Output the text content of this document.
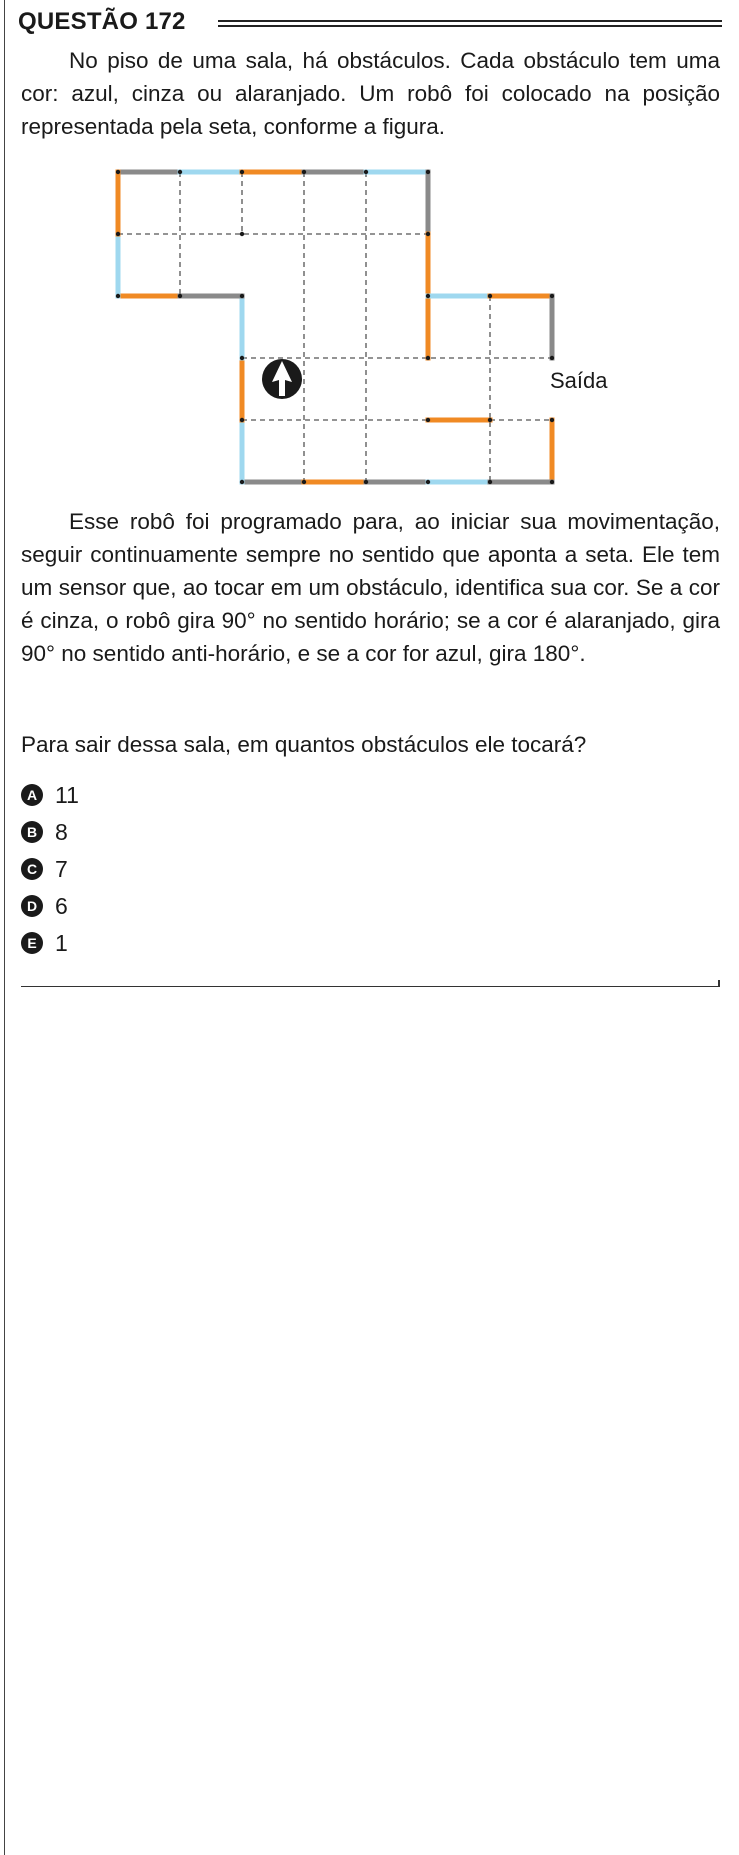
QUESTÃO 172

No piso de uma sala, há obstáculos. Cada obstáculo tem uma cor: azul, cinza ou alaranjado. Um robô foi colocado na posição representada pela seta, conforme a figura.

Saída

Esse robô foi programado para, ao iniciar sua movimentação, seguir continuamente sempre no sentido que aponta a seta. Ele tem um sensor que, ao tocar em um obstáculo, identifica sua cor. Se a cor é cinza, o robô gira 90° no sentido horário; se a cor é alaranjado, gira 90° no sentido anti-horário, e se a cor for azul, gira 180°.

Para sair dessa sala, em quantos obstáculos ele tocará?

A 11
B 8
C 7
D 6
E 1
